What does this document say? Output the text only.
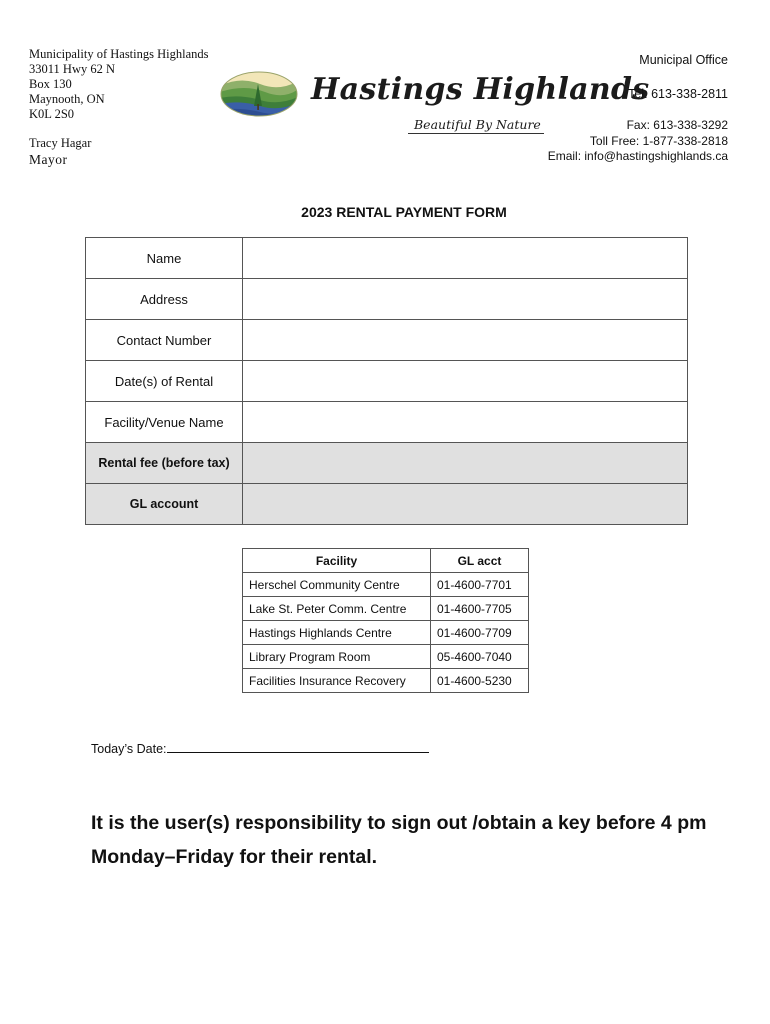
Municipality of Hastings Highlands
33011 Hwy 62 N
Box 130
Maynooth, ON
K0L 2S0
Tracy Hagar
Mayor
Hastings Highlands
Beautiful By Nature
Municipal Office
Tel: 613-338-2811
Fax: 613-338-3292
Toll Free: 1-877-338-2818
Email: info@hastingshighlands.ca
2023 RENTAL PAYMENT FORM
Name	
Address	
Contact Number	
Date(s) of Rental	
Facility/Venue Name	
Rental fee (before tax)	
GL account	
Facility	GL acct
Herschel Community Centre	01-4600-7701
Lake St. Peter Comm. Centre	01-4600-7705
Hastings Highlands Centre	01-4600-7709
Library Program Room	05-4600-7040
Facilities Insurance Recovery	01-4600-5230
Today’s Date:
It is the user(s) responsibility to sign out /obtain a key before 4 pm Monday–Friday for their rental.
